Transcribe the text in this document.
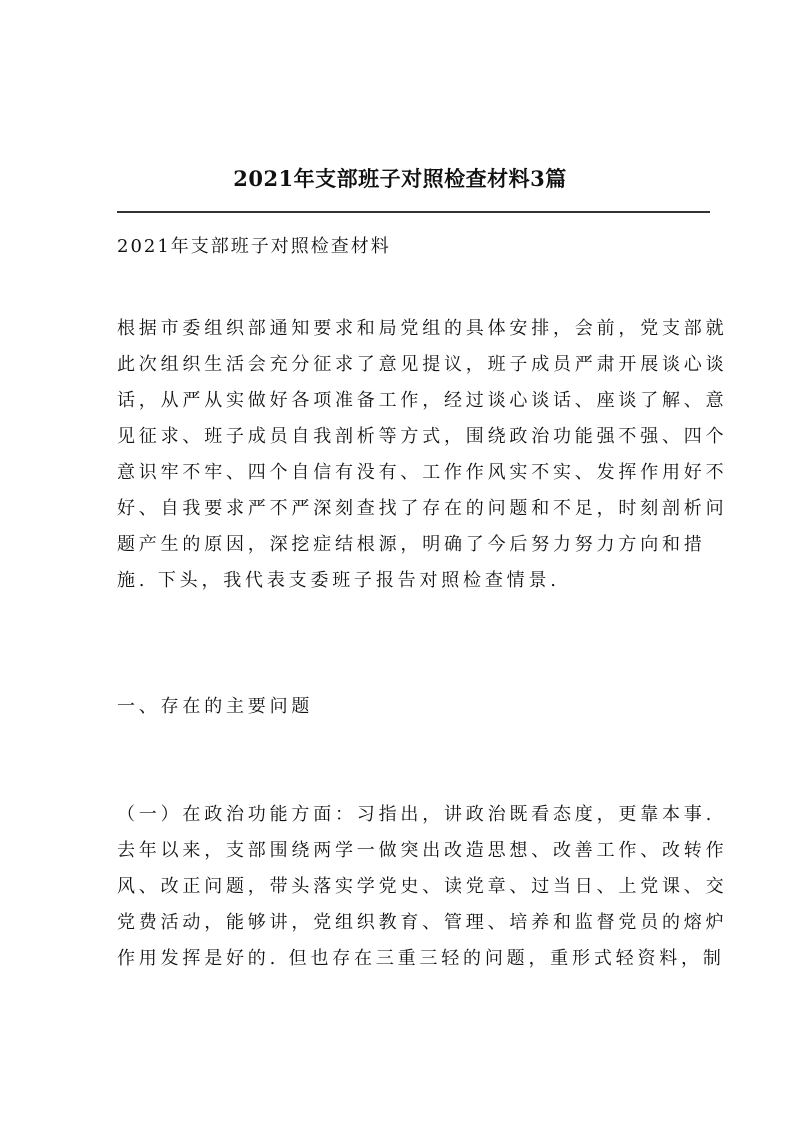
2021年支部班子对照检查材料3篇

2021年支部班子对照检查材料

根据市委组织部通知要求和局党组的具体安排，会前，党支部就
此次组织生活会充分征求了意见提议，班子成员严肃开展谈心谈
话，从严从实做好各项准备工作，经过谈心谈话、座谈了解、意
见征求、班子成员自我剖析等方式，围绕政治功能强不强、四个
意识牢不牢、四个自信有没有、工作作风实不实、发挥作用好不
好、自我要求严不严深刻查找了存在的问题和不足，时刻剖析问
题产生的原因，深挖症结根源，明确了今后努力努力方向和措
施. 下头，我代表支委班子报告对照检查情景.
一、存在的主要问题
（一）在政治功能方面：习指出，讲政治既看态度，更靠本事.
去年以来，支部围绕两学一做突出改造思想、改善工作、改转作
风、改正问题，带头落实学党史、读党章、过当日、上党课、交
党费活动，能够讲，党组织教育、管理、培养和监督党员的熔炉
作用发挥是好的. 但也存在三重三轻的问题，重形式轻资料，制
